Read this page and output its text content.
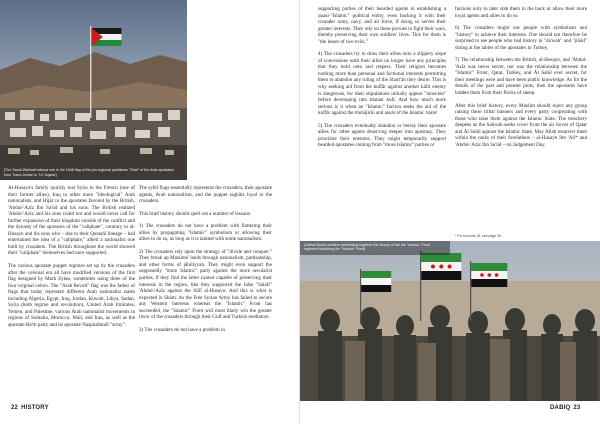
[The Saudi-Wahhabi sahwa rule in the 1948 flag of the pro-regional paddlesec "Shaf" of the Arab apostates from Trans-Jordan in '14 'Aqaba']

Al-Husayn's family quickly lost Syria to the French (one of their former allies), Iraq to other more "ideological" Arab nationalists, and Hijāz to the apostates favored by the British, 'Abdul-'Azīz Ibn Sa'ūd and his sons. The British realized 'Abdul-'Azīz and his sons could not and would never call for further expansion of their kingdom outside of the conflict and the dynasty of the sponsors of the "caliphate", contrary to al-Husayn and his sons who – due to their Qurashī lineage – had entertained the idea of a "caliphate," albeit a nationalist one built by crusaders. The British throughout the world showed their "caliphate" themselves had once supported.

The various apostate puppet regimes set up by the crusaders after the colonial era all have modified versions of the first flag designed by Mark Sykes, sometimes using three of the four original colors. The "Arab Revolt" flag was the father of flags that today represent different Arab nationalist states including Algeria, Egypt, Iraq, Jordan, Kuwait, Libya, Sudan, Syria (both regime and revolution), United Arab Emirates, Yemen, and Palestine, various Arab nationalist movements in regions of Somalia, Morocco, Mali, and Iran, as well as the apostate Ba'th party and its apostate Nasphabandī "army".

The sybil flags essentially represents the crusaders, their apostate agents, Arab nationalism, and the puppet taghūts loyal to the crusaders.

This brief history should spell out a number of lessons:

1) The crusaders do not have a problem with flattering their allies by propagating "Islamic" symbolism or allowing their allies to do so, as long as it is tainted with some nationalism.

2) The crusaders rely upon the strategy of "divide and conquer." They break up Muslims' lands through nationalism, partisanship, and other forms of jāhiliyyah. They might even support the supposedly "more Islamic" party against the more secularist parties, if they find the latter cannot capable of preserving their interests in the region, like they supported the false "Salafi" 'Abdul-'Azīz against the Sūfī al-Husayn. And this is what is expected in Shām. As the Free Syrian Army has failed to secure any Western interests whereas the "Islamic" Front has succeeded, the "Islamic" Front will most likely win the greater favor of the crusaders through their Gulf and Turkish mediators.

3) The crusaders do not have a problem in

22 HISTORY

supporting parties of their bearded agents in establishing a quasi-"Islamic" political entity, even backing it with their crusader army, navy, and air force, if doing so serves their greater interests. They rely on these proxies to fight their wars, thereby preserving their own soldiers' lives. This for them is "the lesser of two evils."

4) The crusaders try to draw their allies onto a slippery slope of concessions until their allies no longer have any principles that they hold onto and respect. Their religion becomes nothing more than personal and factional interests permitting them to abandon any ruling of the Sharī'ah they desire. This is why seeking aid from the kuffār against another kāfir enemy is dangerous, for their stipulations initially appear "innocent" before developing into blatant kufr. And how much more serious is it when an "Islamic" faction seeks the aid of the kuffār against the muhājirīn and ansār of the Islamic State!

5) The crusaders eventually abandon or betray their apostate allies for other agents deserving deeper into apostasy. They prioritize their enemies. They might temporarily support bearded apostates coming from "more Islamic" parties or

factions only to later stab them in the back or allow their more loyal agents and allies to do so.

6) The crusaders might use people with symbolism and "history" to achieve their interests. One should not therefore be surprised to see people who had history in "da'wah" and "jihād" sitting at the tables of the apostates in Turkey.

7) The relationship between the British, al-Husayn, and 'Abdul-'Azīz was never secret, nor was the relationship between the "Islamic" Front, Qatar, Turkey, and Āl Salūl ever secret, for their meetings were and have been public knowledge. As for the details of the past and present plots, then the apostates have hidden them from their flocks of sheep.

After this brief history, every Muslim should reject any group raising these tribal banners and every party cooperating with those who raise them against the Islamic State. The treachery deepens as the Sahwah seeks cover from the air forces of Qatar and Āl Salūl against the Islamic State. May Allah resurrect them within the ranks of their forefathers – al-Husayn Ibn 'Alī* and 'Abdul-'Azīz Ibn Sa'ūd – on Judgement Day.

* For footnote 15, see page 35.
[Jabhat Nusra soldiers celebrating together the victory of the the "Islamic" Front regiment bordering the "Islamic" Front]
DABIQ 23
